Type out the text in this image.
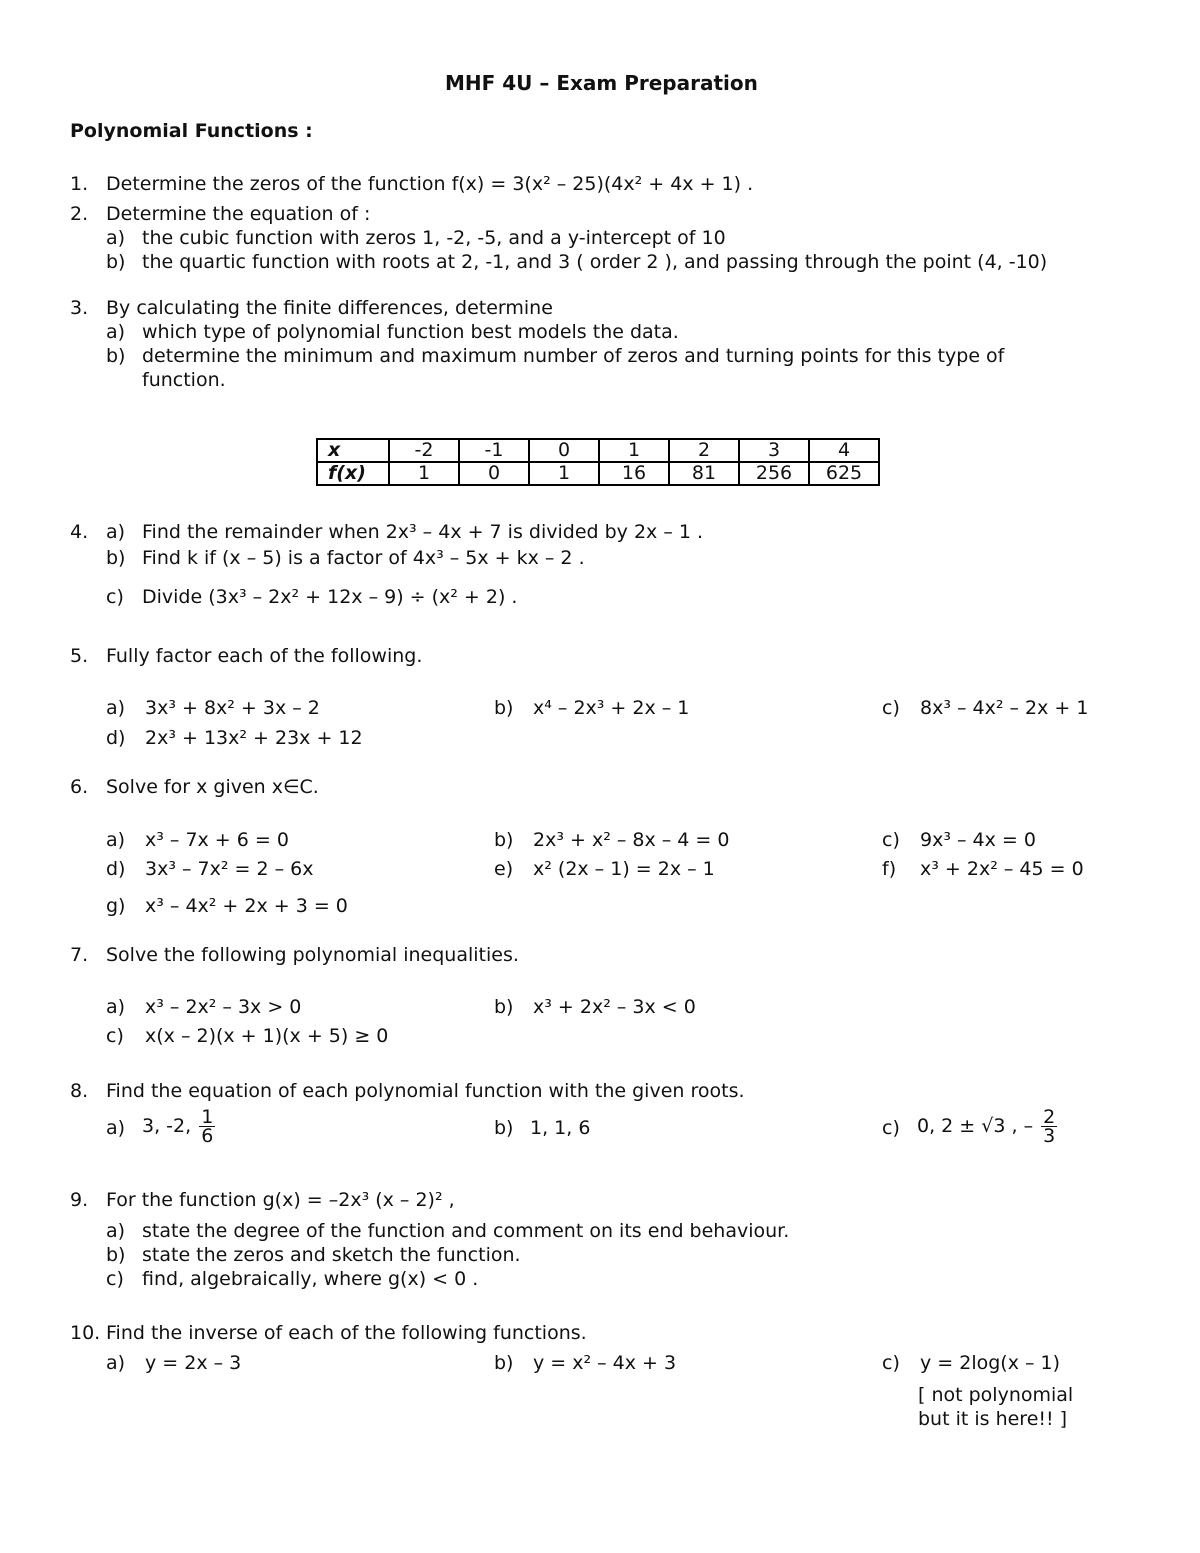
MHF 4U – Exam Preparation
Polynomial Functions :
1. Determine the zeros of the function f(x) = 3(x² – 25)(4x² + 4x + 1) .
2. Determine the equation of :
a) the cubic function with zeros 1, -2, -5, and a y-intercept of 10
b) the quartic function with roots at 2, -1, and 3 ( order 2 ), and passing through the point (4, -10)
3. By calculating the finite differences, determine
a) which type of polynomial function best models the data.
b) determine the minimum and maximum number of zeros and turning points for this type of
function.
x	-2	-1	0	1	2	3	4
f(x)	1	0	1	16	81	256	625
4. a) Find the remainder when 2x³ – 4x + 7 is divided by 2x – 1 .
b) Find k if (x – 5) is a factor of 4x³ – 5x + kx – 2 .
c) Divide (3x³ – 2x² + 12x – 9) ÷ (x² + 2) .
5. Fully factor each of the following.
a) 3x³ + 8x² + 3x – 2	b) x⁴ – 2x³ + 2x – 1	c) 8x³ – 4x² – 2x + 1
d) 2x³ + 13x² + 23x + 12
6. Solve for x given x∈C.
a) x³ – 7x + 6 = 0	b) 2x³ + x² – 8x – 4 = 0	c) 9x³ – 4x = 0
d) 3x³ – 7x² = 2 – 6x	e) x² (2x – 1) = 2x – 1	f) x³ + 2x² – 45 = 0
g) x³ – 4x² + 2x + 3 = 0
7. Solve the following polynomial inequalities.
a) x³ – 2x² – 3x > 0	b) x³ + 2x² – 3x < 0
c) x(x – 2)(x + 1)(x + 5) ≥ 0
8. Find the equation of each polynomial function with the given roots.
a) 3, -2, $\frac{1}{6}$	b) 1, 1, 6	c) 0, 2 ± √3 , – $\frac{2}{3}$
9. For the function g(x) = –2x³ (x – 2)² ,
a) state the degree of the function and comment on its end behaviour.
b) state the zeros and sketch the function.
c) find, algebraically, where g(x) < 0 .
10. Find the inverse of each of the following functions.
a) y = 2x – 3	b) y = x² – 4x + 3	c) y = 2log(x – 1)
[ not polynomial
but it is here!! ]
